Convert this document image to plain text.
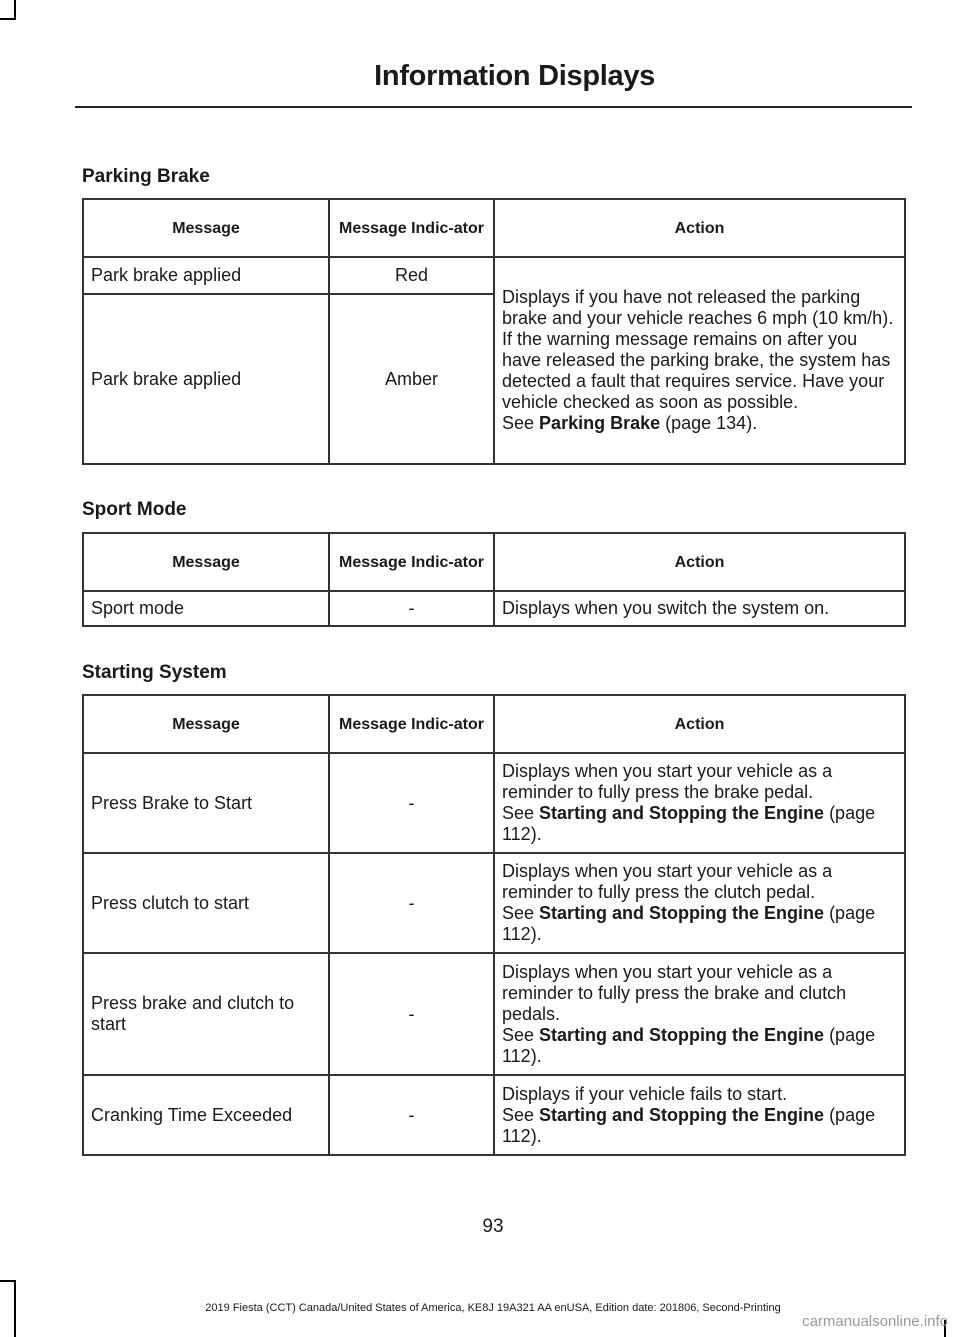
Information Displays
Parking Brake
Message	Message Indic-ator	Action
Park brake applied	Red	Displays if you have not released the parking brake and your vehicle reaches 6 mph (10 km/h).
If the warning message remains on after you have released the parking brake, the system has detected a fault that requires service. Have your vehicle checked as soon as possible.
See Parking Brake (page 134).

Park brake applied	Amber	
Sport Mode
Message	Message Indic-ator	Action
Sport mode	-	Displays when you switch the system on.
Starting System
Message	Message Indic-ator	Action
Press Brake to Start	-	Displays when you start your vehicle as a reminder to fully press the brake pedal.
See Starting and Stopping the Engine (page 112).

Press clutch to start	-	Displays when you start your vehicle as a reminder to fully press the clutch pedal.
See Starting and Stopping the Engine (page 112).

Press brake and clutch to start	-	Displays when you start your vehicle as a reminder to fully press the brake and clutch pedals.
See Starting and Stopping the Engine (page 112).

Cranking Time Exceeded	-	Displays if your vehicle fails to start.
See Starting and Stopping the Engine (page 112).
93
2019 Fiesta (CCT) Canada/United States of America, KE8J 19A321 AA enUSA, Edition date: 201806, Second-Printing
carmanualsonline.info
